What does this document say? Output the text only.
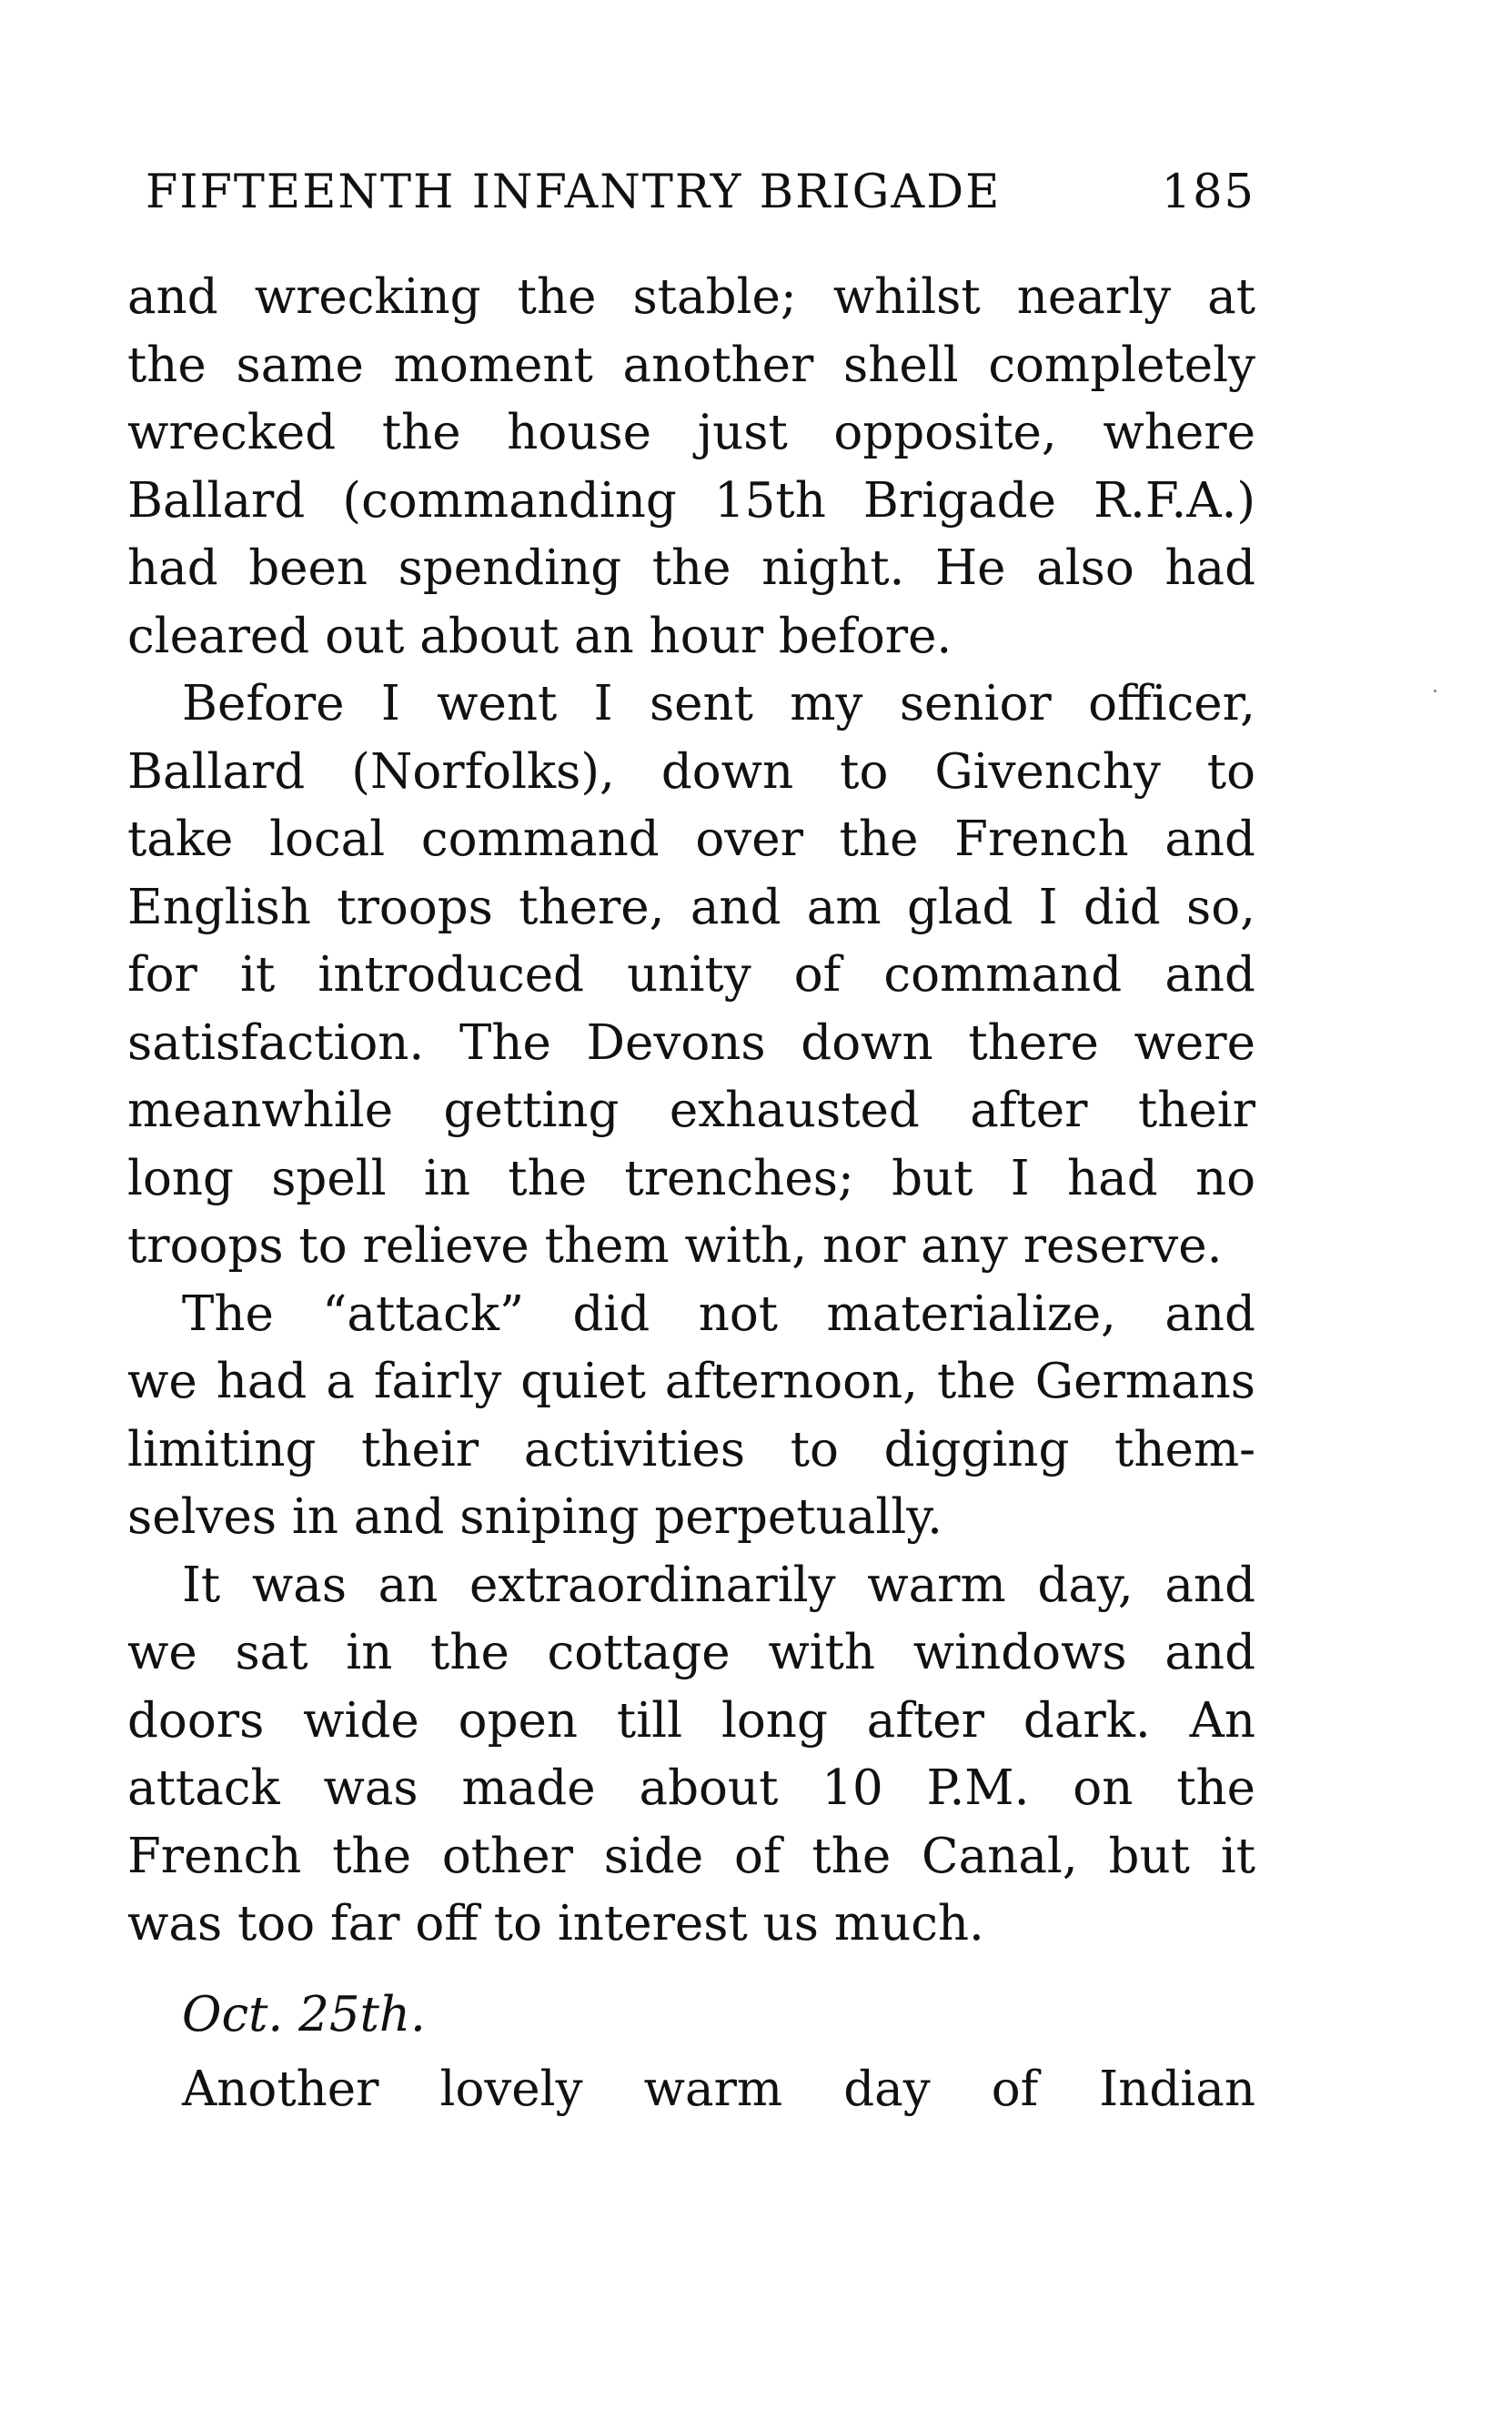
FIFTEENTH INFANTRY BRIGADE	185
and wrecking the stable; whilst nearly at
the same moment another shell completely
wrecked the house just opposite, where
Ballard (commanding 15th Brigade R.F.A.)
had been spending the night. He also had
cleared out about an hour before.
Before I went I sent my senior officer,
Ballard (Norfolks), down to Givenchy to
take local command over the French and
English troops there, and am glad I did so,
for it introduced unity of command and
satisfaction. The Devons down there were
meanwhile getting exhausted after their
long spell in the trenches; but I had no
troops to relieve them with, nor any reserve.
The “attack” did not materialize, and
we had a fairly quiet afternoon, the Germans
limiting their activities to digging them-
selves in and sniping perpetually.
It was an extraordinarily warm day, and
we sat in the cottage with windows and
doors wide open till long after dark. An
attack was made about 10 P.M. on the
French the other side of the Canal, but it
was too far off to interest us much.
Oct. 25th.
Another lovely warm day of Indian
